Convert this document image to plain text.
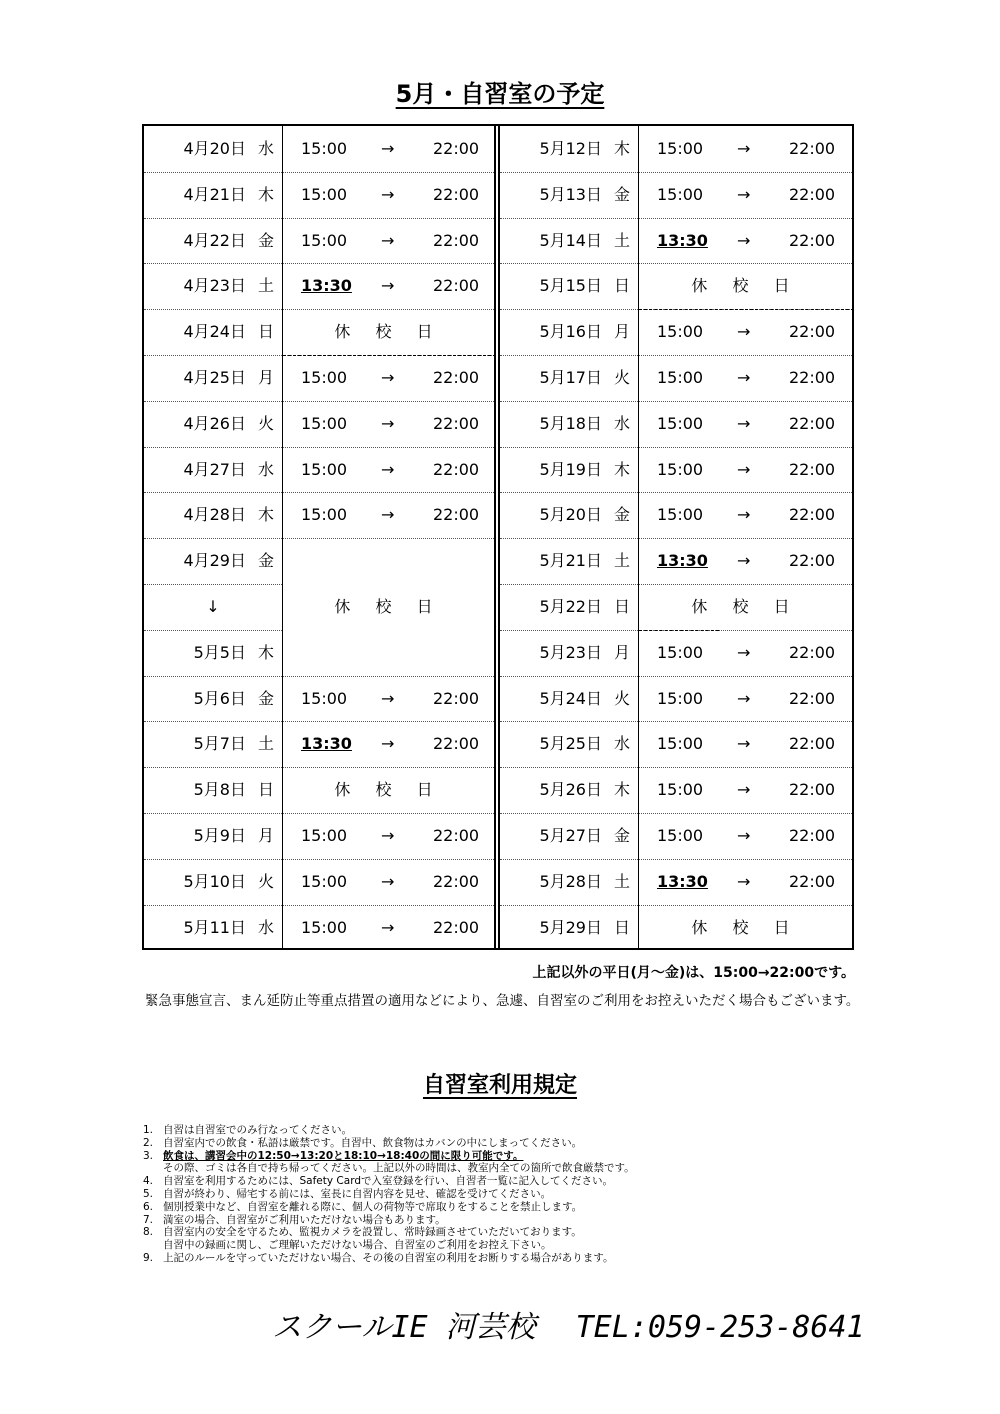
5月・自習室の予定
4月20日 水	15:00 → 22:00
4月21日 木	15:00 → 22:00
4月22日 金	15:00 → 22:00
4月23日 土	13:30 → 22:00
4月24日 日	休 校 日
4月25日 月	15:00 → 22:00
4月26日 火	15:00 → 22:00
4月27日 水	15:00 → 22:00
4月28日 木	15:00 → 22:00
4月29日 金
↓	休 校 日
5月5日 木
5月6日 金	15:00 → 22:00
5月7日 土	13:30 → 22:00
5月8日 日	休 校 日
5月9日 月	15:00 → 22:00
5月10日 火	15:00 → 22:00
5月11日 水	15:00 → 22:00
5月12日 木	15:00 → 22:00
5月13日 金	15:00 → 22:00
5月14日 土	13:30 → 22:00
5月15日 日	休 校 日
5月16日 月	15:00 → 22:00
5月17日 火	15:00 → 22:00
5月18日 水	15:00 → 22:00
5月19日 木	15:00 → 22:00
5月20日 金	15:00 → 22:00
5月21日 土	13:30 → 22:00
5月22日 日	休 校 日
5月23日 月	15:00 → 22:00
5月24日 火	15:00 → 22:00
5月25日 水	15:00 → 22:00
5月26日 木	15:00 → 22:00
5月27日 金	15:00 → 22:00
5月28日 土	13:30 → 22:00
5月29日 日	休 校 日
上記以外の平日(月～金)は、15:00→22:00です。
緊急事態宣言、まん延防止等重点措置の適用などにより、急遽、自習室のご利用をお控えいただく場合もございます。
自習室利用規定
1. 自習は自習室でのみ行なってください。
2. 自習室内での飲食・私語は厳禁です。自習中、飲食物はカバンの中にしまってください。
3. 飲食は、講習会中の12:50→13:20と18:10→18:40の間に限り可能です。
その際、ゴミは各自で持ち帰ってください。上記以外の時間は、教室内全ての箇所で飲食厳禁です。
4. 自習室を利用するためには、Safety Cardで入室登録を行い、自習者一覧に記入してください。
5. 自習が終わり、帰宅する前には、室長に自習内容を見せ、確認を受けてください。
6. 個別授業中など、自習室を離れる際に、個人の荷物等で席取りをすることを禁止します。
7. 満室の場合、自習室がご利用いただけない場合もあります。
8. 自習室内の安全を守るため、監視カメラを設置し、常時録画させていただいております。
自習中の録画に関し、ご理解いただけない場合、自習室のご利用をお控え下さい。
9. 上記のルールを守っていただけない場合、その後の自習室の利用をお断りする場合があります。
スクールIE 河芸校 TEL:059-253-8641
